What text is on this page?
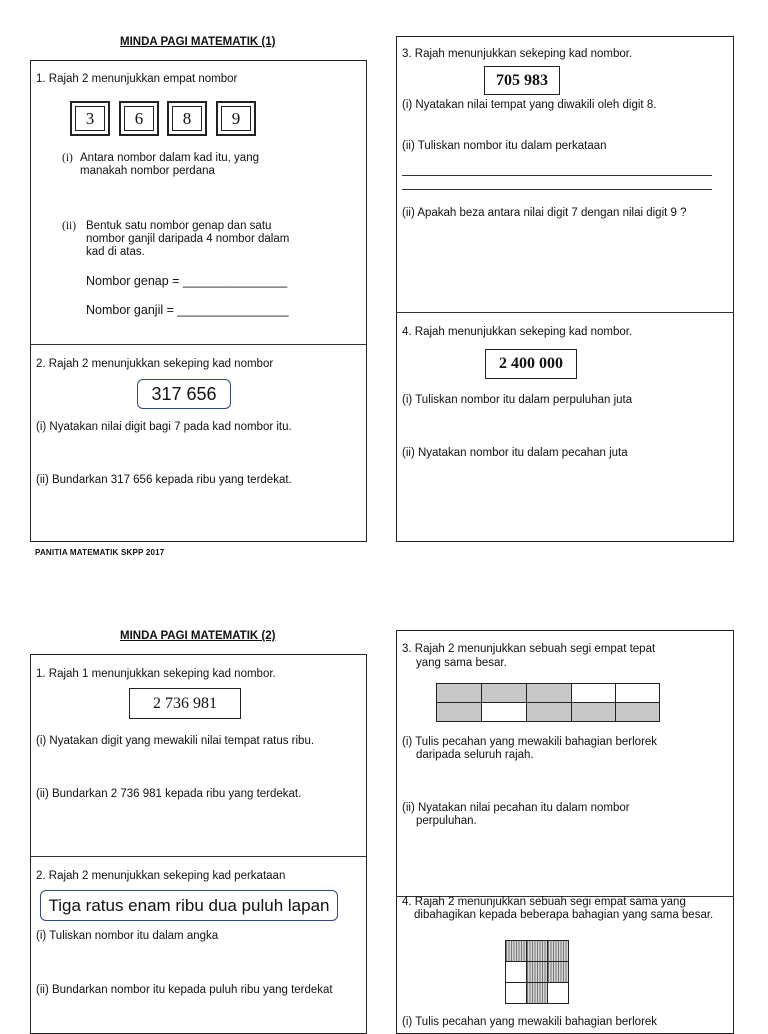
MINDA PAGI MATEMATIK (1)
1. Rajah 2 menunjukkan empat nombor
3	6	8	9
(i) Antara nombor dalam kad itu, yang
manakah nombor perdana
(ii) Bentuk satu nombor genap dan satu
nombor ganjil daripada 4 nombor dalam
kad di atas.
Nombor genap = _______________
Nombor ganjil = ________________
2. Rajah 2 menunjukkan sekeping kad nombor
317 656
(i) Nyatakan nilai digit bagi 7 pada kad nombor itu.
(ii) Bundarkan 317 656 kepada ribu yang terdekat.
3. Rajah menunjukkan sekeping kad nombor.
705 983
(i) Nyatakan nilai tempat yang diwakili oleh digit 8.
(ii) Tuliskan nombor itu dalam perkataan
(ii) Apakah beza antara nilai digit 7 dengan nilai digit 9 ?
4. Rajah menunjukkan sekeping kad nombor.
2 400 000
(i) Tuliskan nombor itu dalam perpuluhan juta
(ii) Nyatakan nombor itu dalam pecahan juta
PANITIA MATEMATIK SKPP 2017
MINDA PAGI MATEMATIK (2)
1. Rajah 1 menunjukkan sekeping kad nombor.
2 736 981
(i) Nyatakan digit yang mewakili nilai tempat ratus ribu.
(ii) Bundarkan 2 736 981 kepada ribu yang terdekat.
2. Rajah 2 menunjukkan sekeping kad perkataan
Tiga ratus enam ribu dua puluh lapan
(i) Tuliskan nombor itu dalam angka
(ii) Bundarkan nombor itu kepada puluh ribu yang terdekat
3. Rajah 2 menunjukkan sebuah segi empat tepat
yang sama besar.
(i) Tulis pecahan yang mewakili bahagian berlorek
daripada seluruh rajah.
(ii) Nyatakan nilai pecahan itu dalam nombor
perpuluhan.
4. Rajah 2 menunjukkan sebuah segi empat sama yang
dibahagikan kepada beberapa bahagian yang sama besar.
(i) Tulis pecahan yang mewakili bahagian berlorek
